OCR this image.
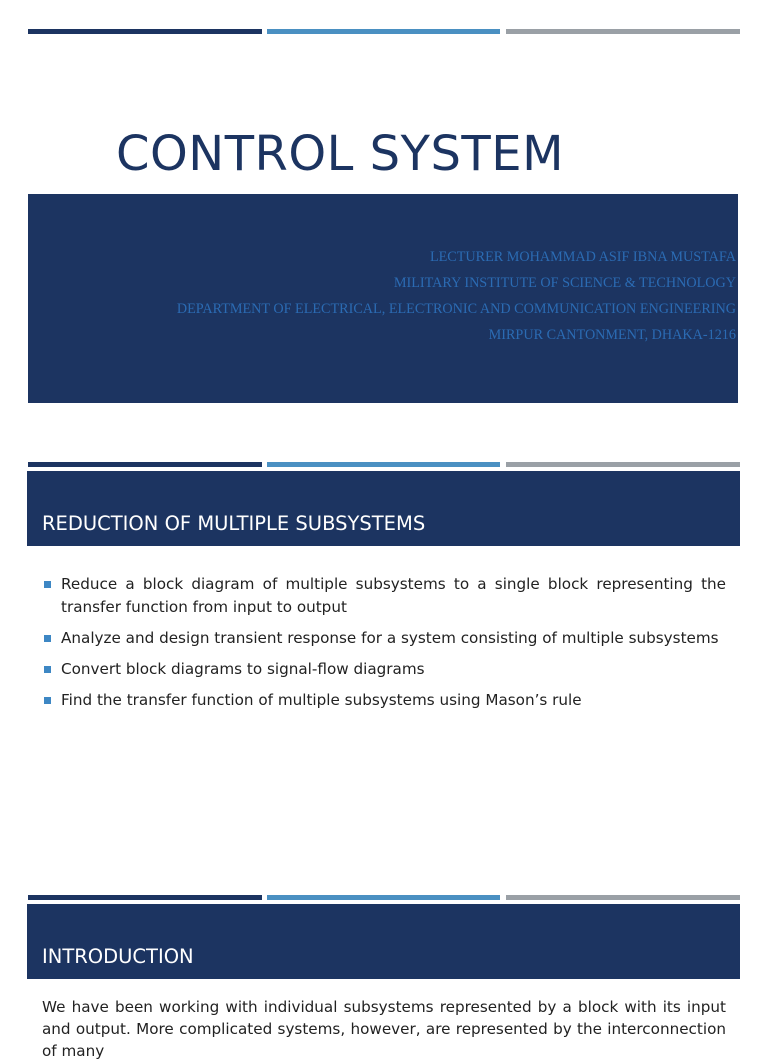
CONTROL SYSTEM
LECTURER MOHAMMAD ASIF IBNA MUSTAFA
MILITARY INSTITUTE OF SCIENCE & TECHNOLOGY
DEPARTMENT OF ELECTRICAL, ELECTRONIC AND COMMUNICATION ENGINEERING
MIRPUR CANTONMENT, DHAKA-1216
REDUCTION OF MULTIPLE SUBSYSTEMS
Reduce a block diagram of multiple subsystems to a single block representing the transfer function from input to output
Analyze and design transient response for a system consisting of multiple subsystems
Convert block diagrams to signal-flow diagrams
Find the transfer function of multiple subsystems using Mason’s rule
INTRODUCTION

We have been working with individual subsystems represented by a block with its input and output. More complicated systems, however, are represented by the interconnection of many
